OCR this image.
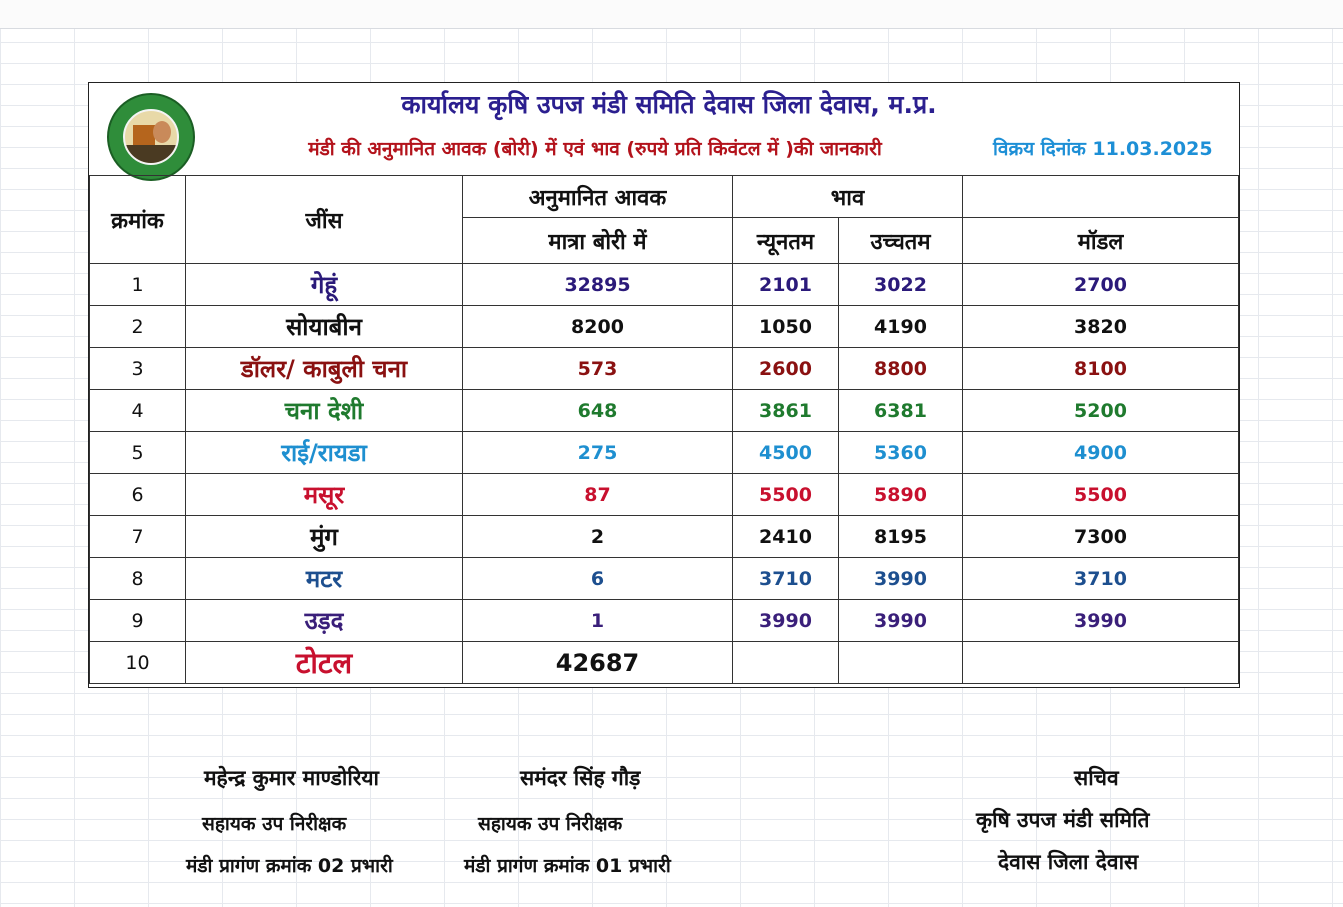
कार्यालय कृषि उपज मंडी समिति देवास जिला देवास, म.प्र.
मंडी की अनुमानित आवक (बोरी) में एवं भाव (रुपये प्रति किवंटल में )की जानकारी	विक्रय दिनांक 11.03.2025
क्रमांक	जींस	अनुमानित आवक	भाव		
		मात्रा बोरी में	न्यूनतम	उच्चतम	मॉडल
1	गेहूं	32895	2101	3022	2700
2	सोयाबीन	8200	1050	4190	3820
3	डॉलर/ काबुली चना	573	2600	8800	8100
4	चना देशी	648	3861	6381	5200
5	राई/रायडा	275	4500	5360	4900
6	मसूर	87	5500	5890	5500
7	मुंग	2	2410	8195	7300
8	मटर	6	3710	3990	3710
9	उड़द	1	3990	3990	3990
10	टोटल	42687			
महेन्द्र कुमार माण्डोरिया
सहायक उप निरीक्षक
मंडी प्रागंण क्रमांक 02 प्रभारी
समंदर सिंह गौड़
सहायक उप निरीक्षक
मंडी प्रागंण क्रमांक 01 प्रभारी
सचिव
कृषि उपज मंडी समिति
देवास जिला देवास
